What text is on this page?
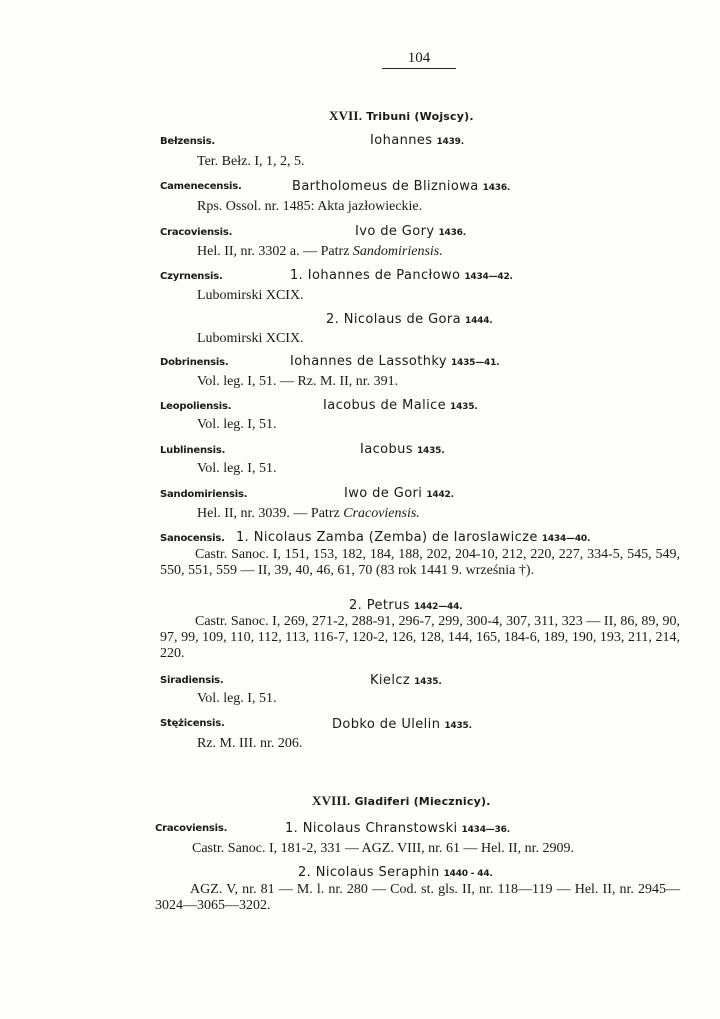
104
XVII. Tribuni (Wojscy).
Bełzensis.	Iohannes 1439.
Ter. Bełz. I, 1, 2, 5.
Camenecensis.	Bartholomeus de Blizniowa 1436.
Rps. Ossol. nr. 1485: Akta jazłowieckie.
Cracoviensis.	Ivo de Gory 1436.
Hel. II, nr. 3302 a. — Patrz Sandomiriensis.
Czyrnensis.	1. Iohannes de Pancłowo 1434—42.
Lubomirski XCIX.
2. Nicolaus de Gora 1444.
Lubomirski XCIX.
Dobrinensis.	Iohannes de Lassothky 1435—41.
Vol. leg. I, 51. — Rz. M. II, nr. 391.
Leopoliensis.	Iacobus de Malice 1435.
Vol. leg. I, 51.
Lublinensis.	Iacobus 1435.
Vol. leg. I, 51.
Sandomiriensis.	Iwo de Gori 1442.
Hel. II, nr. 3039. — Patrz Cracoviensis.
Sanocensis. 1. Nicolaus Zamba (Zemba) de Iaroslawicze 1434—40.
Castr. Sanoc. I, 151, 153, 182, 184, 188, 202, 204-10, 212, 220, 227, 334-5, 545, 549, 550, 551, 559 — II, 39, 40, 46, 61, 70 (83 rok 1441 9. września †).
2. Petrus 1442—44.
Castr. Sanoc. I, 269, 271-2, 288-91, 296-7, 299, 300-4, 307, 311, 323 — II, 86, 89, 90, 97, 99, 109, 110, 112, 113, 116-7, 120-2, 126, 128, 144, 165, 184-6, 189, 190, 193, 211, 214, 220.
Siradiensis.	Kielcz 1435.
Vol. leg. I, 51.
Stężicensis.	Dobko de Ulelin 1435.
Rz. M. III. nr. 206.
XVIII. Gladiferi (Miecznicy).
Cracoviensis.	1. Nicolaus Chranstowski 1434—36.
Castr. Sanoc. I, 181-2, 331 — AGZ. VIII, nr. 61 — Hel. II, nr. 2909.
2. Nicolaus Seraphin 1440 - 44.
AGZ. V, nr. 81 — M. l. nr. 280 — Cod. st. gls. II, nr. 118—119 — Hel. II, nr. 2945—3024—3065—3202.
